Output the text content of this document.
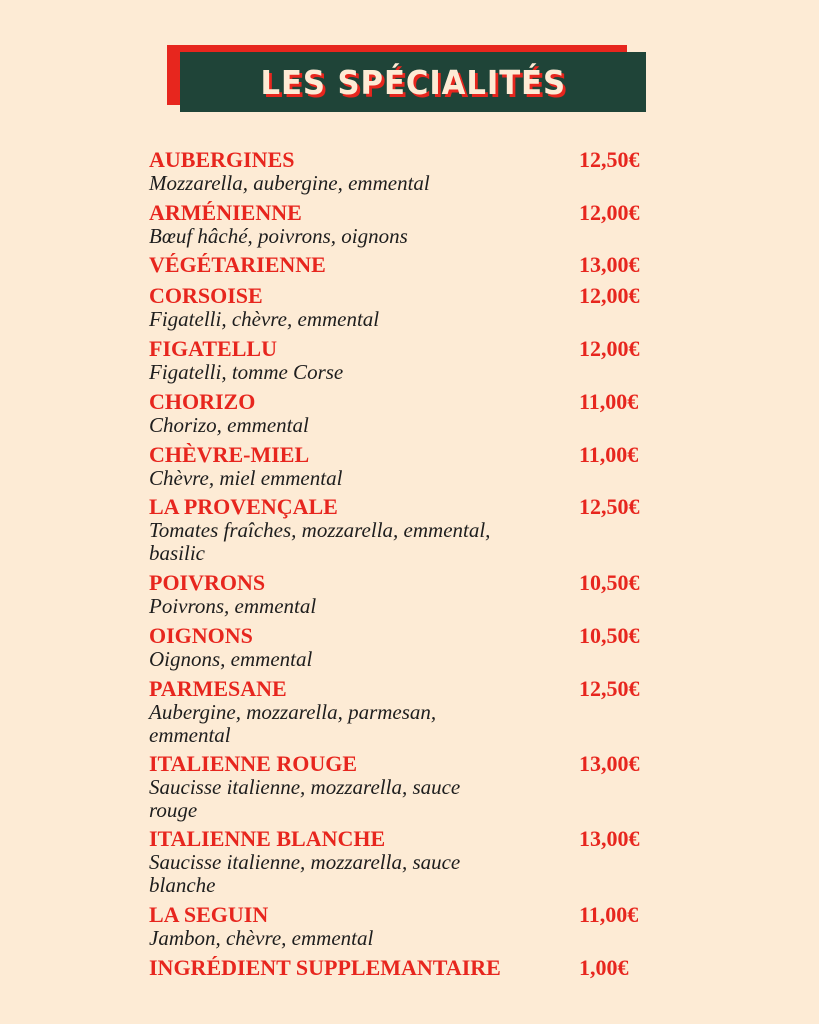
LES SPÉCIALITÉS
AUBERGINES	12,50€
Mozzarella, aubergine, emmental
ARMÉNIENNE	12,00€
Bœuf hâché, poivrons, oignons
VÉGÉTARIENNE	13,00€
CORSOISE	12,00€
Figatelli, chèvre, emmental
FIGATELLU	12,00€
Figatelli, tomme Corse
CHORIZO	11,00€
Chorizo, emmental
CHÈVRE-MIEL	11,00€
Chèvre, miel emmental
LA PROVENÇALE	12,50€
Tomates fraîches, mozzarella, emmental, basilic
POIVRONS	10,50€
Poivrons, emmental
OIGNONS	10,50€
Oignons, emmental
PARMESANE	12,50€
Aubergine, mozzarella, parmesan, emmental
ITALIENNE ROUGE	13,00€
Saucisse italienne, mozzarella, sauce rouge
ITALIENNE BLANCHE	13,00€
Saucisse italienne, mozzarella, sauce blanche
LA SEGUIN	11,00€
Jambon, chèvre, emmental
INGRÉDIENT SUPPLEMANTAIRE	1,00€
